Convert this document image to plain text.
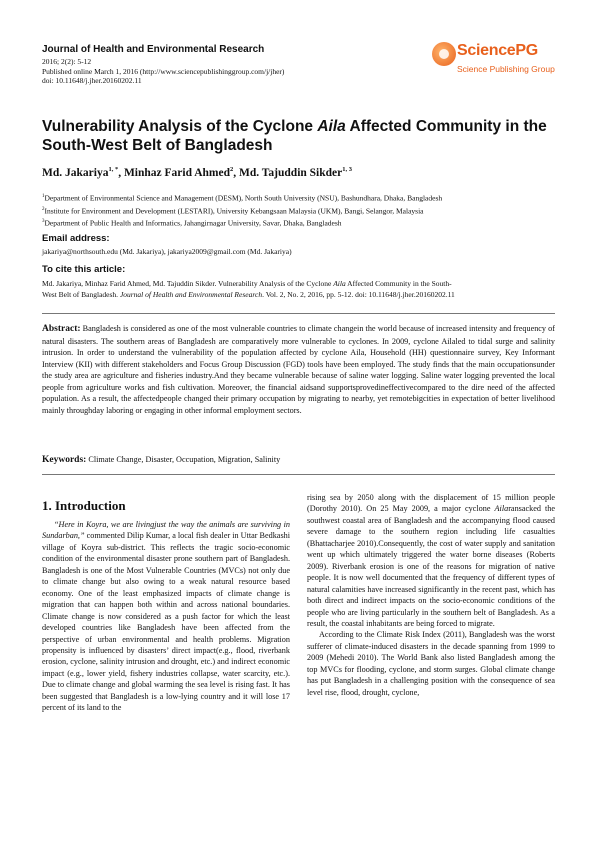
Journal of Health and Environmental Research
2016; 2(2): 5-12
Published online March 1, 2016 (http://www.sciencepublishinggroup.com/j/jher)
doi: 10.11648/j.jher.20160202.11
SciencePG
Science Publishing Group
Vulnerability Analysis of the Cyclone Aila Affected Community in the South-West Belt of Bangladesh
Md. Jakariya$^{1, *}$, Minhaz Farid Ahmed$^2$, Md. Tajuddin Sikder$^{1, 3}$
$^1$Department of Environmental Science and Management (DESM), North South University (NSU), Bashundhara, Dhaka, Bangladesh
$^2$Institute for Environment and Development (LESTARI), University Kebangsaan Malaysia (UKM), Bangi, Selangor, Malaysia
$^3$Department of Public Health and Informatics, Jahangirnagar University, Savar, Dhaka, Bangladesh
Email address:
jakariya@northsouth.edu (Md. Jakariya), jakariya2009@gmail.com (Md. Jakariya)
To cite this article:
Md. Jakariya, Minhaz Farid Ahmed, Md. Tajuddin Sikder. Vulnerability Analysis of the Cyclone Aila Affected Community in the South-
West Belt of Bangladesh. Journal of Health and Environmental Research. Vol. 2, No. 2, 2016, pp. 5-12. doi: 10.11648/j.jher.20160202.11
Abstract: Bangladesh is considered as one of the most vulnerable countries to climate changein the world because of increased intensity and frequency of natural disasters. The southern areas of Bangladesh are comparatively more vulnerable to cyclones. In 2009, cyclone Ailaled to tidal surge and salinity intrusion. In order to understand the vulnerability of the population affected by cyclone Aila, Household (HH) questionnaire survey, Key Informant Interview (KII) with different stakeholders and Focus Group Discussion (FGD) tools have been employed. The study finds that the main occupationsunder the study area are agriculture and fisheries industry.And they became vulnerable because of saline water logging. Saline water logging prevented the local people from agriculture works and fish cultivation. Moreover, the financial aidsand supportsprovedineffectivecompared to the dire need of the affected population. As a result, the affectedpeople changed their primary occupation by migrating to nearby, yet remotebigcities in expectation of better livelihood mainly throughday laboring or engaging in other informal employment sectors.
Keywords: Climate Change, Disaster, Occupation, Migration, Salinity
1. Introduction

“Here in Koyra, we are livingjust the way the animals are surviving in Sundarban,” commented Dilip Kumar, a local fish dealer in Uttar Bedkashi village of Koyra sub-district. This reflects the tragic socio-economic condition of the environmental disaster prone southern part of Bangladesh. Bangladesh is one of the Most Vulnerable Countries (MVCs) not only due to climate change but also owing to a weak natural resource based economy. One of the least emphasized impacts of climate change is migration that can happen both within and across national boundaries. Climate change is now considered as a push factor for which the least developed countries like Bangladesh have been affected from the perspective of urban environmental and health problems. Migration propensity is influenced by disasters’ direct impact(e.g., flood, riverbank erosion, cyclone, salinity intrusion and drought, etc.) and indirect economic impact (e.g., lower yield, fishery industries collapse, water scarcity, etc.). Due to climate change and global warming the sea level is rising fast. It has been suggested that Bangladesh is a low-lying country and it will lose 17 percent of its land to the

rising sea by 2050 along with the displacement of 15 million people (Dorothy 2010). On 25 May 2009, a major cyclone Ailaransacked the southwest coastal area of Bangladesh and the accompanying flood caused severe damage to the southern region including life casualties (Bhattacharjee 2010).Consequently, the cost of water supply and sanitation went up which ultimately triggered the water borne diseases (Roberts 2009). Riverbank erosion is one of the reasons for migration of native people. It is now well documented that the frequency of different types of natural calamities have increased significantly in the recent past, which has both direct and indirect impacts on the socio-economic conditions of the people who are living particularly in the southern belt of Bangladesh. As a result, the coastal inhabitants are being forced to migrate.

According to the Climate Risk Index (2011), Bangladesh was the worst sufferer of climate-induced disasters in the decade spanning from 1999 to 2009 (Mehedi 2010). The World Bank also listed Bangladesh among the top MVCs for flooding, cyclone, and storm surges. Global climate change has put Bangladesh in a challenging position with the consequence of sea level rise, flood, drought, cyclone,
